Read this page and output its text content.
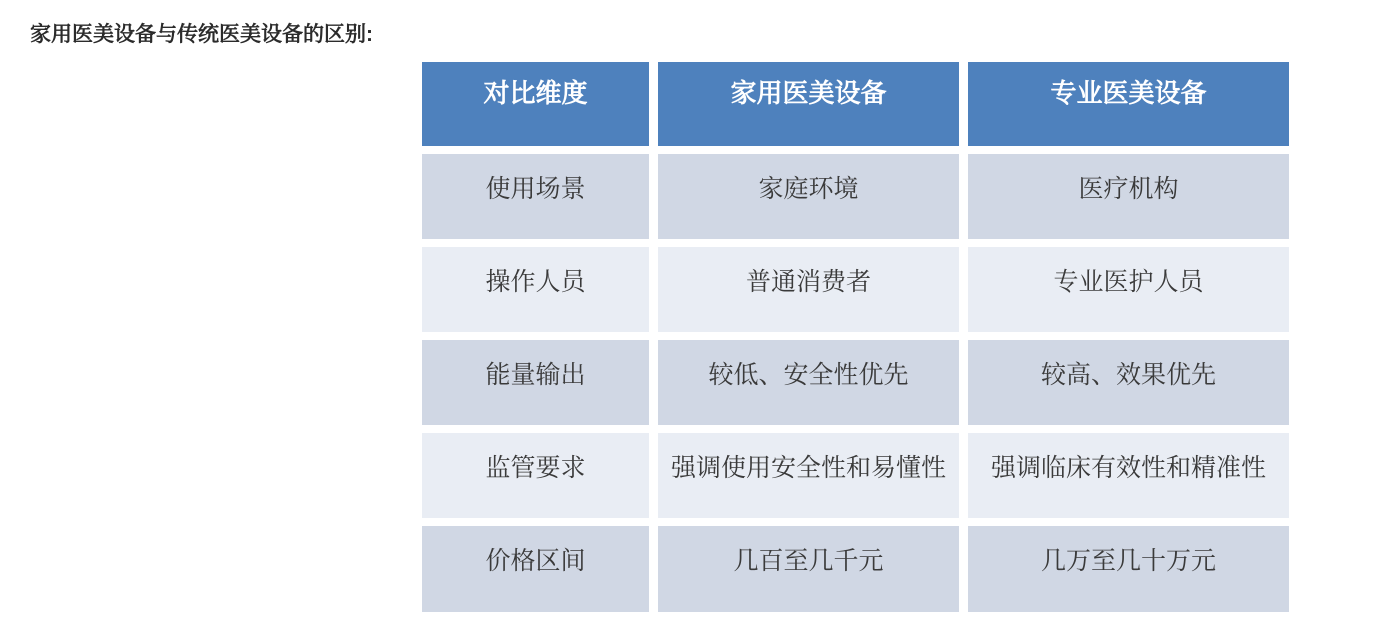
家用医美设备与传统医美设备的区别:
对比维度	家用医美设备	专业医美设备
使用场景	家庭环境	医疗机构
操作人员	普通消费者	专业医护人员
能量输出	较低、安全性优先	较高、效果优先
监管要求	强调使用安全性和易懂性	强调临床有效性和精准性
价格区间	几百至几千元	几万至几十万元
